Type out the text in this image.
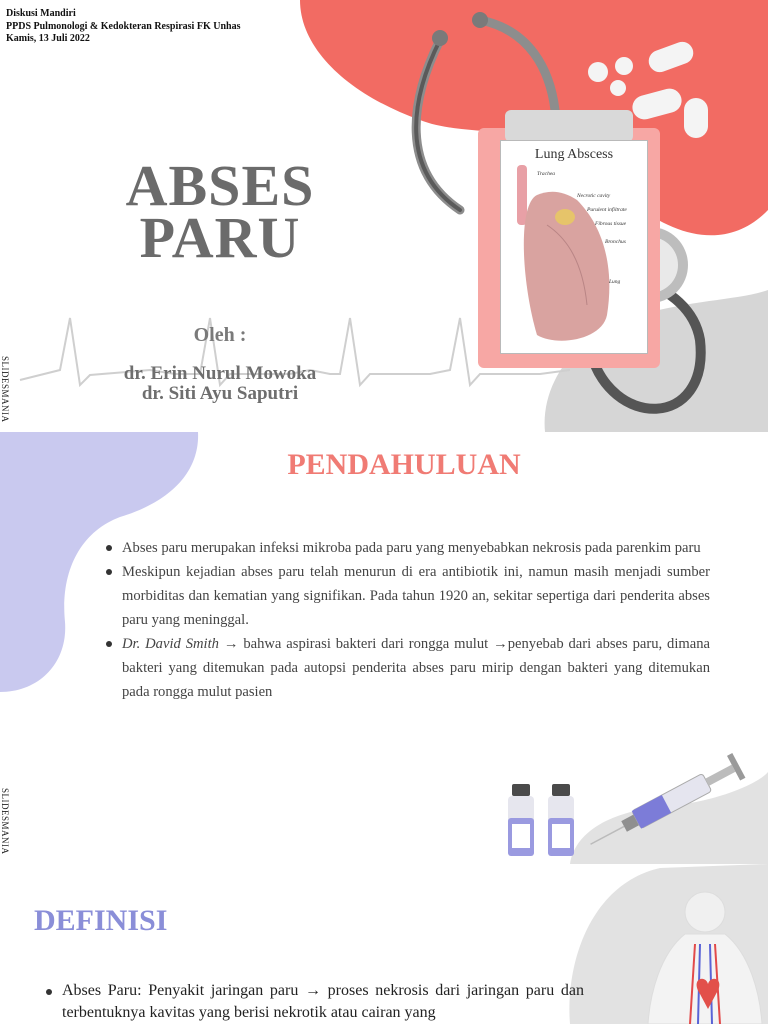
Lung Abscess
Trachea
Necrotic cavity
Purulent infiltrate
Fibrous tissue
Bronchus
Lung
Diskusi Mandiri
PPDS Pulmonologi & Kedokteran Respirasi FK Unhas
Kamis, 13 Juli 2022
ABSES
PARU
Oleh :
dr. Erin Nurul Mowoka
dr. Siti Ayu Saputri
SLIDESMANIA
PENDAHULUAN
Abses paru merupakan infeksi mikroba pada paru yang menyebabkan nekrosis pada parenkim paru
Meskipun kejadian abses paru telah menurun di era antibiotik ini, namun masih menjadi sumber morbiditas dan kematian yang signifikan. Pada tahun 1920 an, sekitar sepertiga dari penderita abses paru yang meninggal.
Dr. David Smith → bahwa aspirasi bakteri dari rongga mulut →penyebab dari abses paru, dimana bakteri yang ditemukan pada autopsi penderita abses paru mirip dengan bakteri yang ditemukan pada rongga mulut pasien
SLIDESMANIA
DEFINISI
Abses Paru: Penyakit jaringan paru → proses nekrosis dari jaringan paru dan terbentuknya kavitas yang berisi nekrotik atau cairan yang
